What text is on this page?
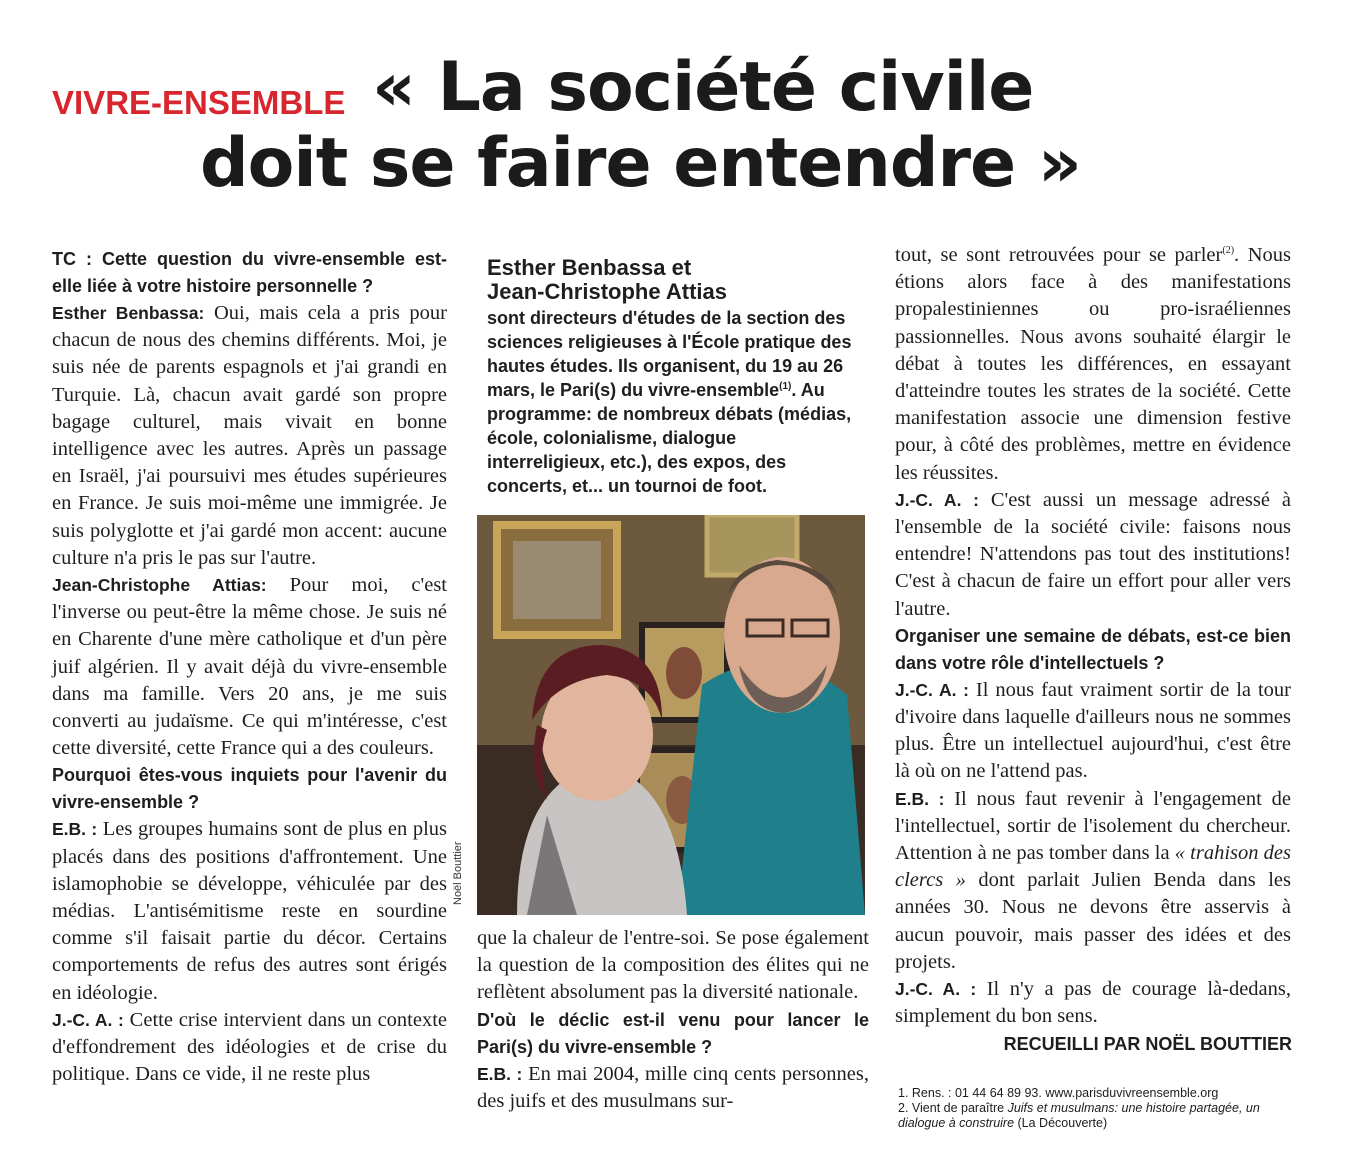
VIVRE-ENSEMBLE « La société civile
doit se faire entendre »

TC : Cette question du vivre-ensemble est-elle liée à votre histoire personnelle ?

Esther Benbassa: Oui, mais cela a pris pour chacun de nous des chemins différents. Moi, je suis née de parents espagnols et j'ai grandi en Turquie. Là, chacun avait gardé son propre bagage culturel, mais vivait en bonne intelligence avec les autres. Après un passage en Israël, j'ai poursuivi mes études supérieures en France. Je suis moi-même une immigrée. Je suis polyglotte et j'ai gardé mon accent: aucune culture n'a pris le pas sur l'autre.

Jean-Christophe Attias: Pour moi, c'est l'inverse ou peut-être la même chose. Je suis né en Charente d'une mère catholique et d'un père juif algérien. Il y avait déjà du vivre-ensemble dans ma famille. Vers 20 ans, je me suis converti au judaïsme. Ce qui m'intéresse, c'est cette diversité, cette France qui a des couleurs.

Pourquoi êtes-vous inquiets pour l'avenir du vivre-ensemble ?

E.B. : Les groupes humains sont de plus en plus placés dans des positions d'affrontement. Une islamophobie se développe, véhiculée par des médias. L'antisémitisme reste en sourdine comme s'il faisait partie du décor. Certains comportements de refus des autres sont érigés en idéologie.

J.-C. A. : Cette crise intervient dans un contexte d'effondrement des idéologies et de crise du politique. Dans ce vide, il ne reste plus

Esther Benbassa et
Jean-Christophe Attias
sont directeurs d'études de la section des sciences religieuses à l'École pratique des hautes études. Ils organisent, du 19 au 26 mars, le Pari(s) du vivre-ensemble$^{(1)}$. Au programme: de nombreux débats (médias, école, colonialisme, dialogue interreligieux, etc.), des expos, des concerts, et... un tournoi de foot.
Noël Bouttier

que la chaleur de l'entre-soi. Se pose également la question de la composition des élites qui ne reflètent absolument pas la diversité nationale.

D'où le déclic est-il venu pour lancer le Pari(s) du vivre-ensemble ?

E.B. : En mai 2004, mille cinq cents personnes, des juifs et des musulmans sur-

tout, se sont retrouvées pour se parler$^{(2)}$. Nous étions alors face à des manifestations propalestiniennes ou pro-israéliennes passionnelles. Nous avons souhaité élargir le débat à toutes les différences, en essayant d'atteindre toutes les strates de la société. Cette manifestation associe une dimension festive pour, à côté des problèmes, mettre en évidence les réussites.

J.-C. A. : C'est aussi un message adressé à l'ensemble de la société civile: faisons nous entendre! N'attendons pas tout des institutions! C'est à chacun de faire un effort pour aller vers l'autre.

Organiser une semaine de débats, est-ce bien dans votre rôle d'intellectuels ?

J.-C. A. : Il nous faut vraiment sortir de la tour d'ivoire dans laquelle d'ailleurs nous ne sommes plus. Être un intellectuel aujourd'hui, c'est être là où on ne l'attend pas.

E.B. : Il nous faut revenir à l'engagement de l'intellectuel, sortir de l'isolement du chercheur. Attention à ne pas tomber dans la « trahison des clercs » dont parlait Julien Benda dans les années 30. Nous ne devons être asservis à aucun pouvoir, mais passer des idées et des projets.

J.-C. A. : Il n'y a pas de courage là-dedans, simplement du bon sens.

RECUEILLI PAR NOËL BOUTTIER
1. Rens. : 01 44 64 89 93. www.parisduvivreensemble.org
2. Vient de paraître Juifs et musulmans: une histoire partagée, un dialogue à construire (La Découverte)
